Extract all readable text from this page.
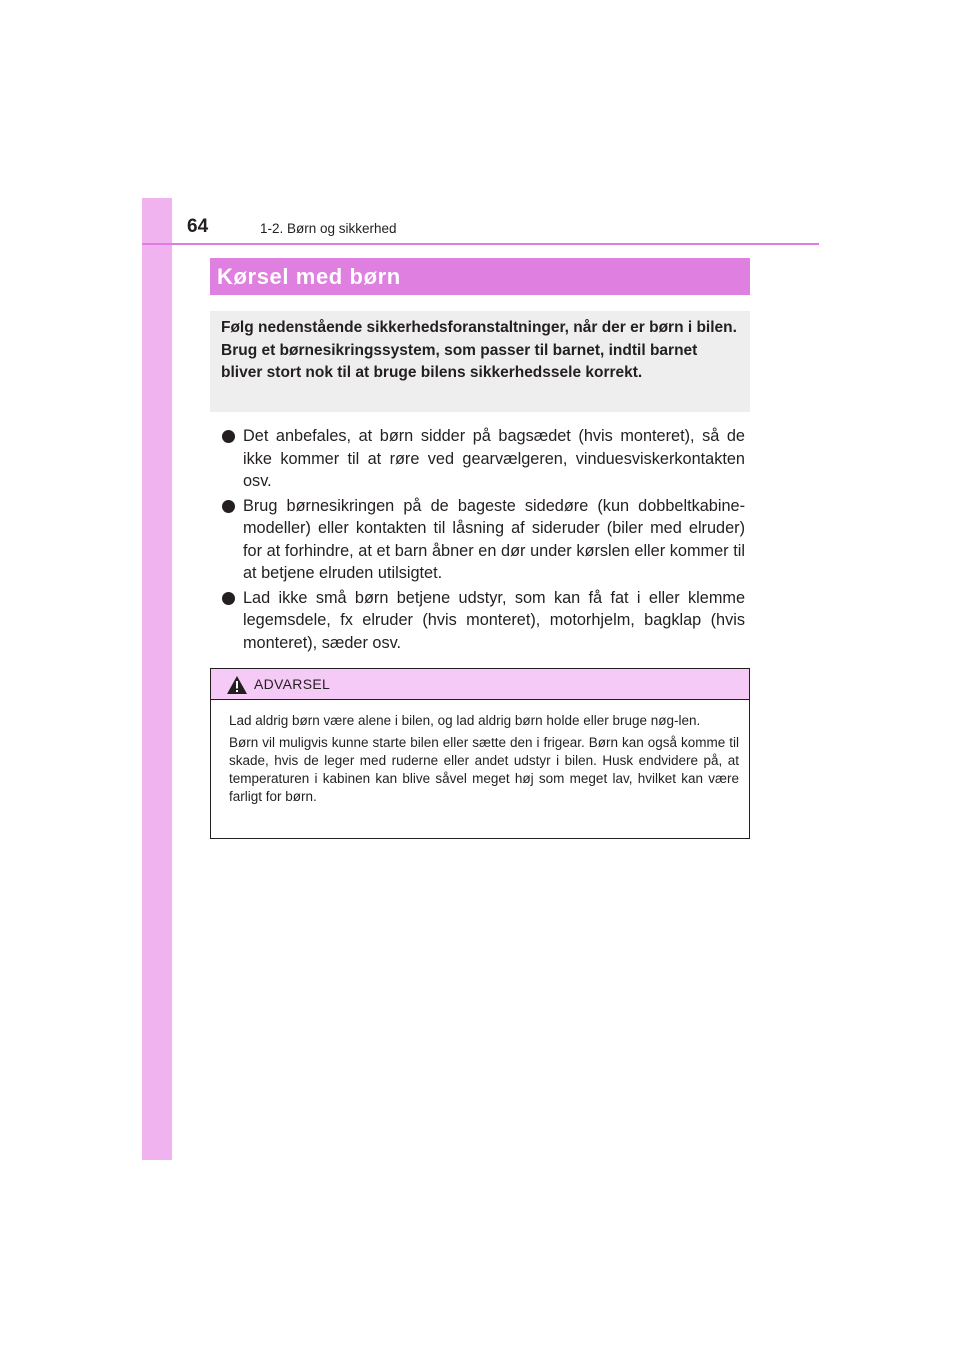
64	1-2. Børn og sikkerhed
Kørsel med børn

Følg nedenstående sikkerhedsforanstaltninger, når der er børn i bilen.

Brug et børnesikringssystem, som passer til barnet, indtil barnet bliver stort nok til at bruge bilens sikkerhedssele korrekt.

Det anbefales, at børn sidder på bagsædet (hvis monteret), så de ikke kommer til at røre ved gearvælgeren, vinduesviskerkontakten osv.
Brug børnesikringen på de bageste sidedøre (kun dobbeltkabine-modeller) eller kontakten til låsning af sideruder (biler med elruder) for at forhindre, at et barn åbner en dør under kørslen eller kommer til at betjene elruden utilsigtet.
Lad ikke små børn betjene udstyr, som kan få fat i eller klemme legemsdele, fx elruder (hvis monteret), motorhjelm, bagklap (hvis monteret), sæder osv.
ADVARSEL

Lad aldrig børn være alene i bilen, og lad aldrig børn holde eller bruge nøg-len.

Børn vil muligvis kunne starte bilen eller sætte den i frigear. Børn kan også komme til skade, hvis de leger med ruderne eller andet udstyr i bilen. Husk endvidere på, at temperaturen i kabinen kan blive såvel meget høj som meget lav, hvilket kan være farligt for børn.
